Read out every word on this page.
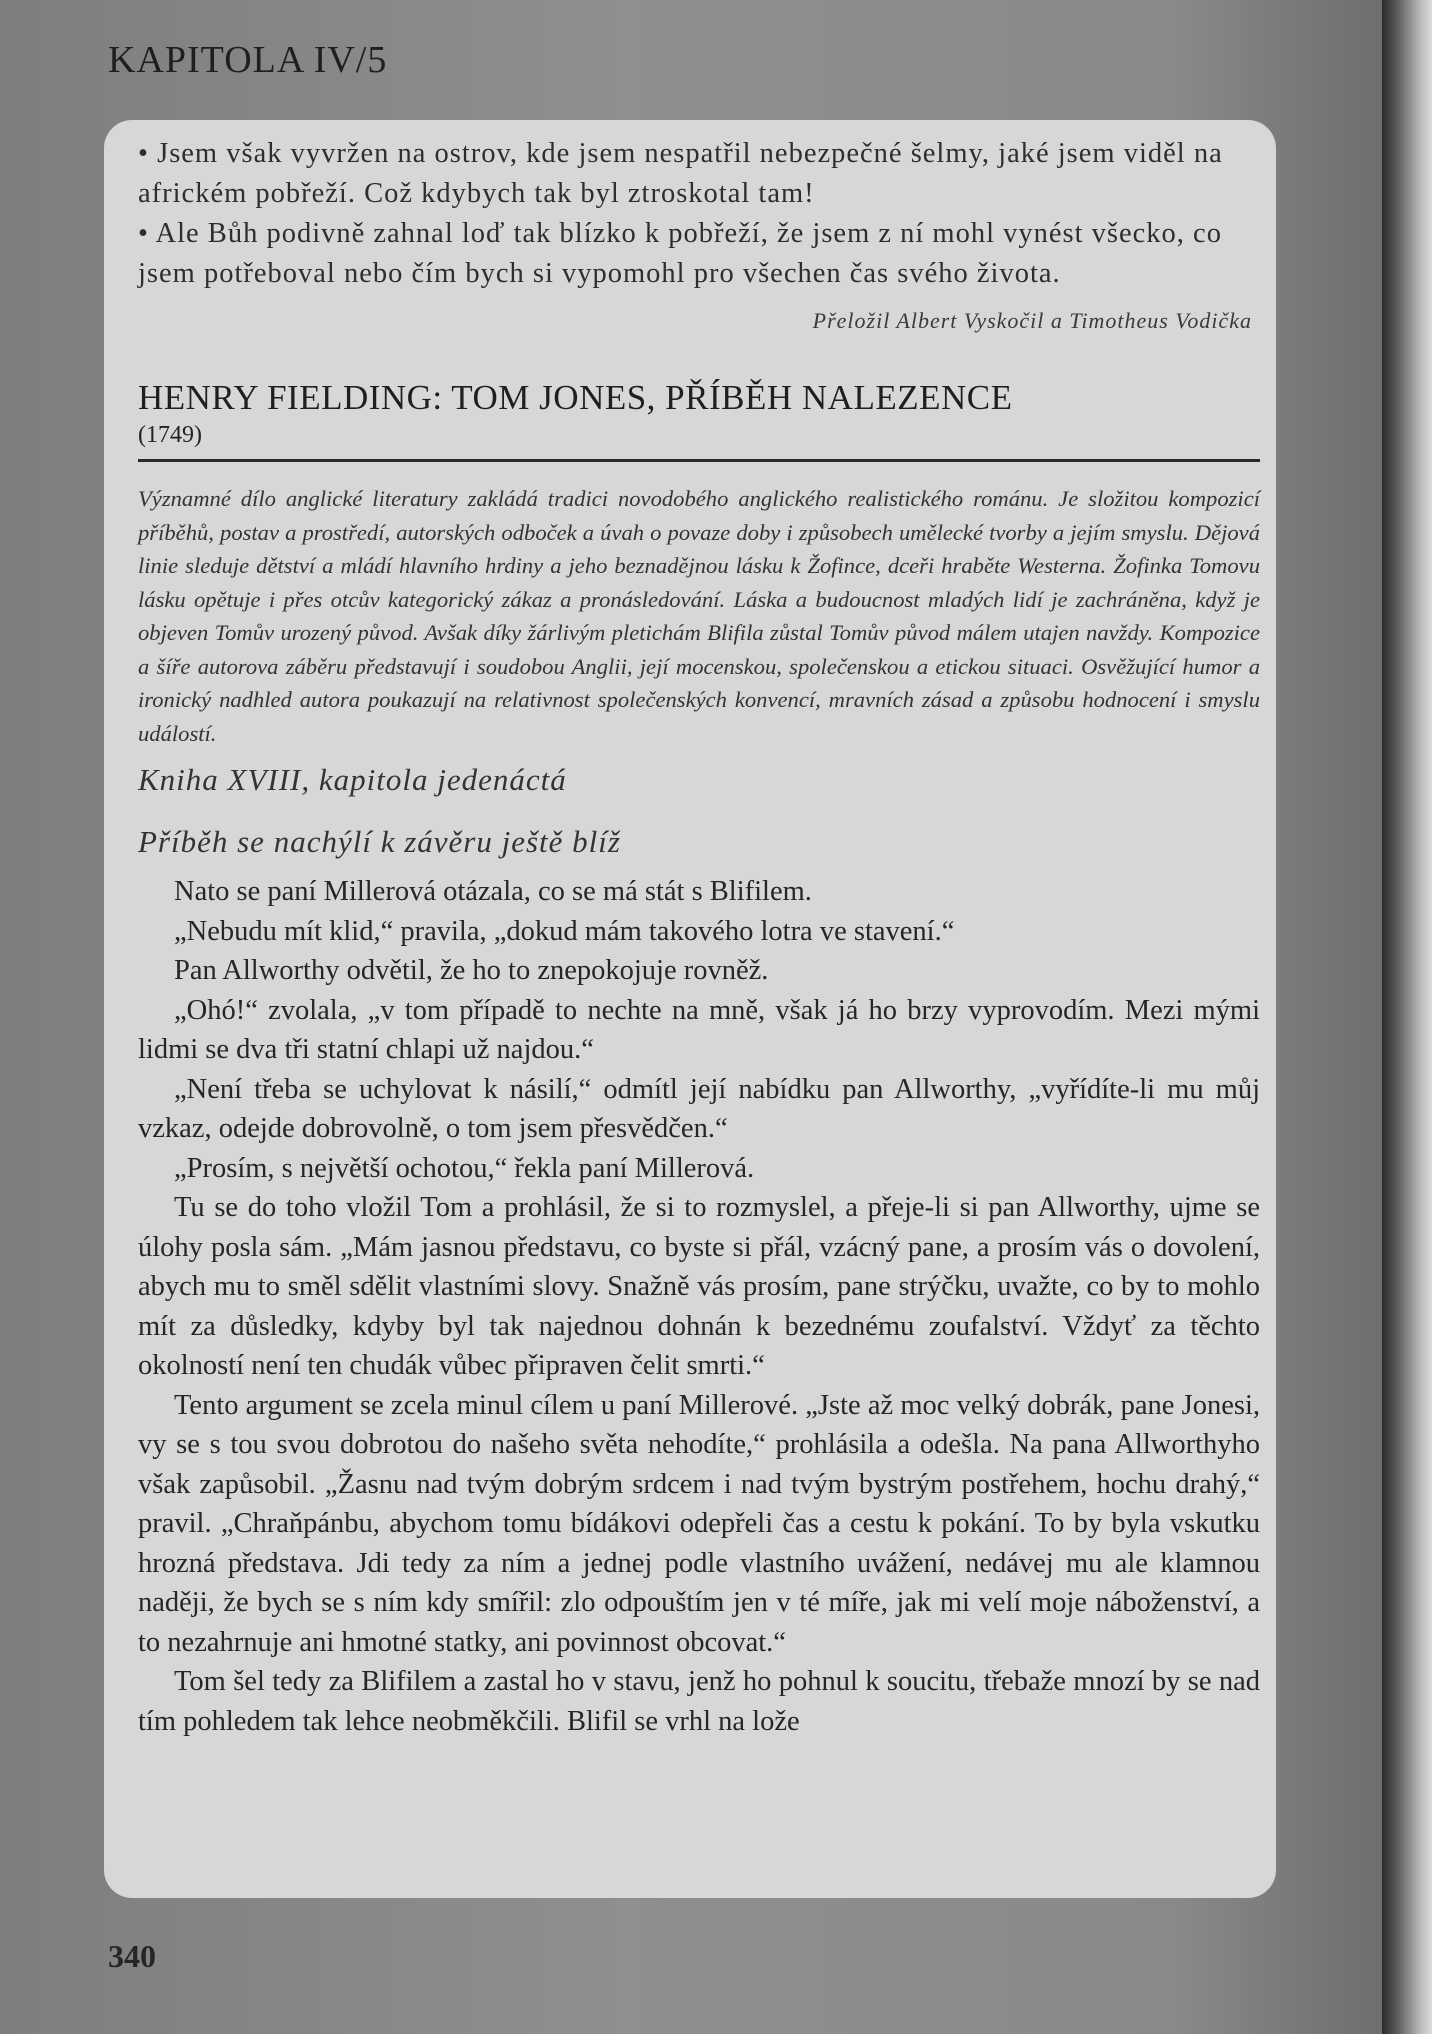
KAPITOLA IV/5

• Jsem však vyvržen na ostrov, kde jsem nespatřil nebezpečné šelmy, jaké jsem viděl na africkém pobřeží. Což kdybych tak byl ztroskotal tam!

• Ale Bůh podivně zahnal loď tak blízko k pobřeží, že jsem z ní mohl vynést všecko, co jsem potřeboval nebo čím bych si vypomohl pro všechen čas svého života.

Přeložil Albert Vyskočil a Timotheus Vodička
HENRY FIELDING: TOM JONES, PŘÍBĚH NALEZENCE
(1749)
Významné dílo anglické literatury zakládá tradici novodobého anglického realistického románu. Je složitou kompozicí příběhů, postav a prostředí, autorských odboček a úvah o povaze doby i způsobech umělecké tvorby a jejím smyslu. Dějová linie sleduje dětství a mládí hlavního hrdiny a jeho beznadějnou lásku k Žofince, dceři hraběte Westerna. Žofinka Tomovu lásku opětuje i přes otcův kategorický zákaz a pronásledování. Láska a budoucnost mladých lidí je zachráněna, když je objeven Tomův urozený původ. Avšak díky žárlivým pletichám Blifila zůstal Tomův původ málem utajen navždy. Kompozice a šíře autorova záběru představují i soudobou Anglii, její mocenskou, společenskou a etickou situaci. Osvěžující humor a ironický nadhled autora poukazují na relativnost společenských konvencí, mravních zásad a způsobu hodnocení i smyslu událostí.
Kniha XVIII, kapitola jedenáctá
Příběh se nachýlí k závěru ještě blíž

Nato se paní Millerová otázala, co se má stát s Blifilem.

„Nebudu mít klid,“ pravila, „dokud mám takového lotra ve stavení.“

Pan Allworthy odvětil, že ho to znepokojuje rovněž.

„Ohó!“ zvolala, „v tom případě to nechte na mně, však já ho brzy vyprovodím. Mezi mými lidmi se dva tři statní chlapi už najdou.“

„Není třeba se uchylovat k násilí,“ odmítl její nabídku pan Allworthy, „vyřídíte-li mu můj vzkaz, odejde dobrovolně, o tom jsem přesvědčen.“

„Prosím, s největší ochotou,“ řekla paní Millerová.

Tu se do toho vložil Tom a prohlásil, že si to rozmyslel, a přeje-li si pan Allworthy, ujme se úlohy posla sám. „Mám jasnou představu, co byste si přál, vzácný pane, a prosím vás o dovolení, abych mu to směl sdělit vlastními slovy. Snažně vás prosím, pane strýčku, uvažte, co by to mohlo mít za důsledky, kdyby byl tak najednou dohnán k bezednému zoufalství. Vždyť za těchto okolností není ten chudák vůbec připraven čelit smrti.“

Tento argument se zcela minul cílem u paní Millerové. „Jste až moc velký dobrák, pane Jonesi, vy se s tou svou dobrotou do našeho světa nehodíte,“ prohlásila a odešla. Na pana Allworthyho však zapůsobil. „Žasnu nad tvým dobrým srdcem i nad tvým bystrým postřehem, hochu drahý,“ pravil. „Chraňpánbu, abychom tomu bídákovi odepřeli čas a cestu k pokání. To by byla vskutku hrozná představa. Jdi tedy za ním a jednej podle vlastního uvážení, nedávej mu ale klamnou naději, že bych se s ním kdy smířil: zlo odpouštím jen v té míře, jak mi velí moje náboženství, a to nezahrnuje ani hmotné statky, ani povinnost obcovat.“

Tom šel tedy za Blifilem a zastal ho v stavu, jenž ho pohnul k soucitu, třebaže mnozí by se nad tím pohledem tak lehce neobměkčili. Blifil se vrhl na lože

340
